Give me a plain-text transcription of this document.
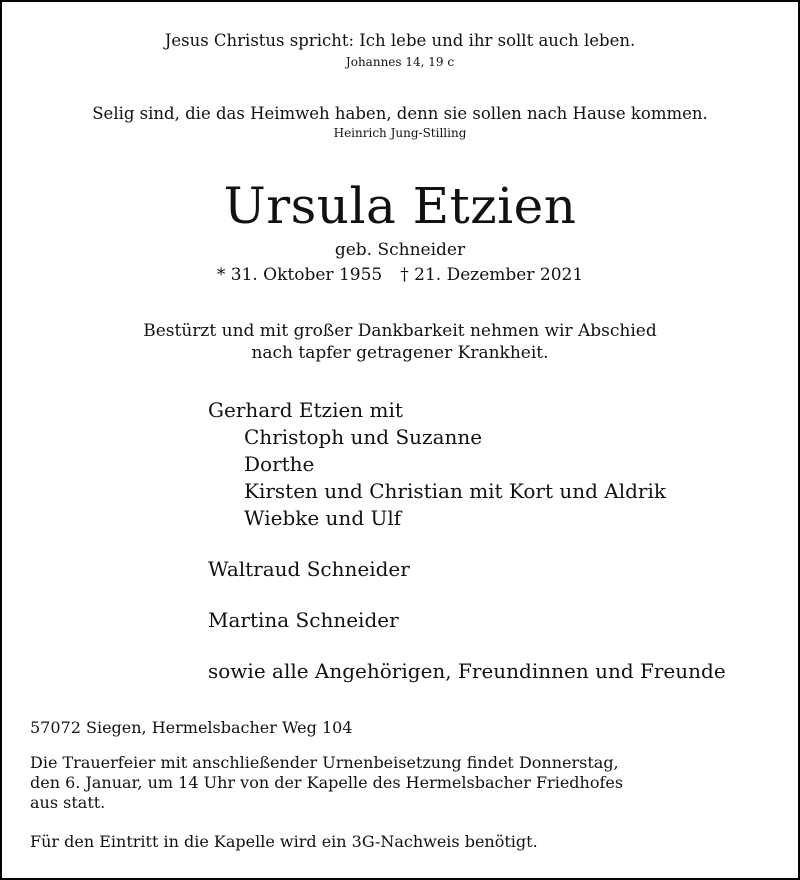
Jesus Christus spricht: Ich lebe und ihr sollt auch leben.
Johannes 14, 19 c
Selig sind, die das Heimweh haben, denn sie sollen nach Hause kommen.
Heinrich Jung-Stilling
Ursula Etzien
geb. Schneider
* 31. Oktober 1955 † 21. Dezember 2021
Bestürzt und mit großer Dankbarkeit nehmen wir Abschied
nach tapfer getragener Krankheit.
Gerhard Etzien mit
Christoph und Suzanne
Dorthe
Kirsten und Christian mit Kort und Aldrik
Wiebke und Ulf
Waltraud Schneider
Martina Schneider
sowie alle Angehörigen, Freundinnen und Freunde
57072 Siegen, Hermelsbacher Weg 104
Die Trauerfeier mit anschließender Urnenbeisetzung findet Donnerstag,
den 6. Januar, um 14 Uhr von der Kapelle des Hermelsbacher Friedhofes
aus statt.
Für den Eintritt in die Kapelle wird ein 3G-Nachweis benötigt.
